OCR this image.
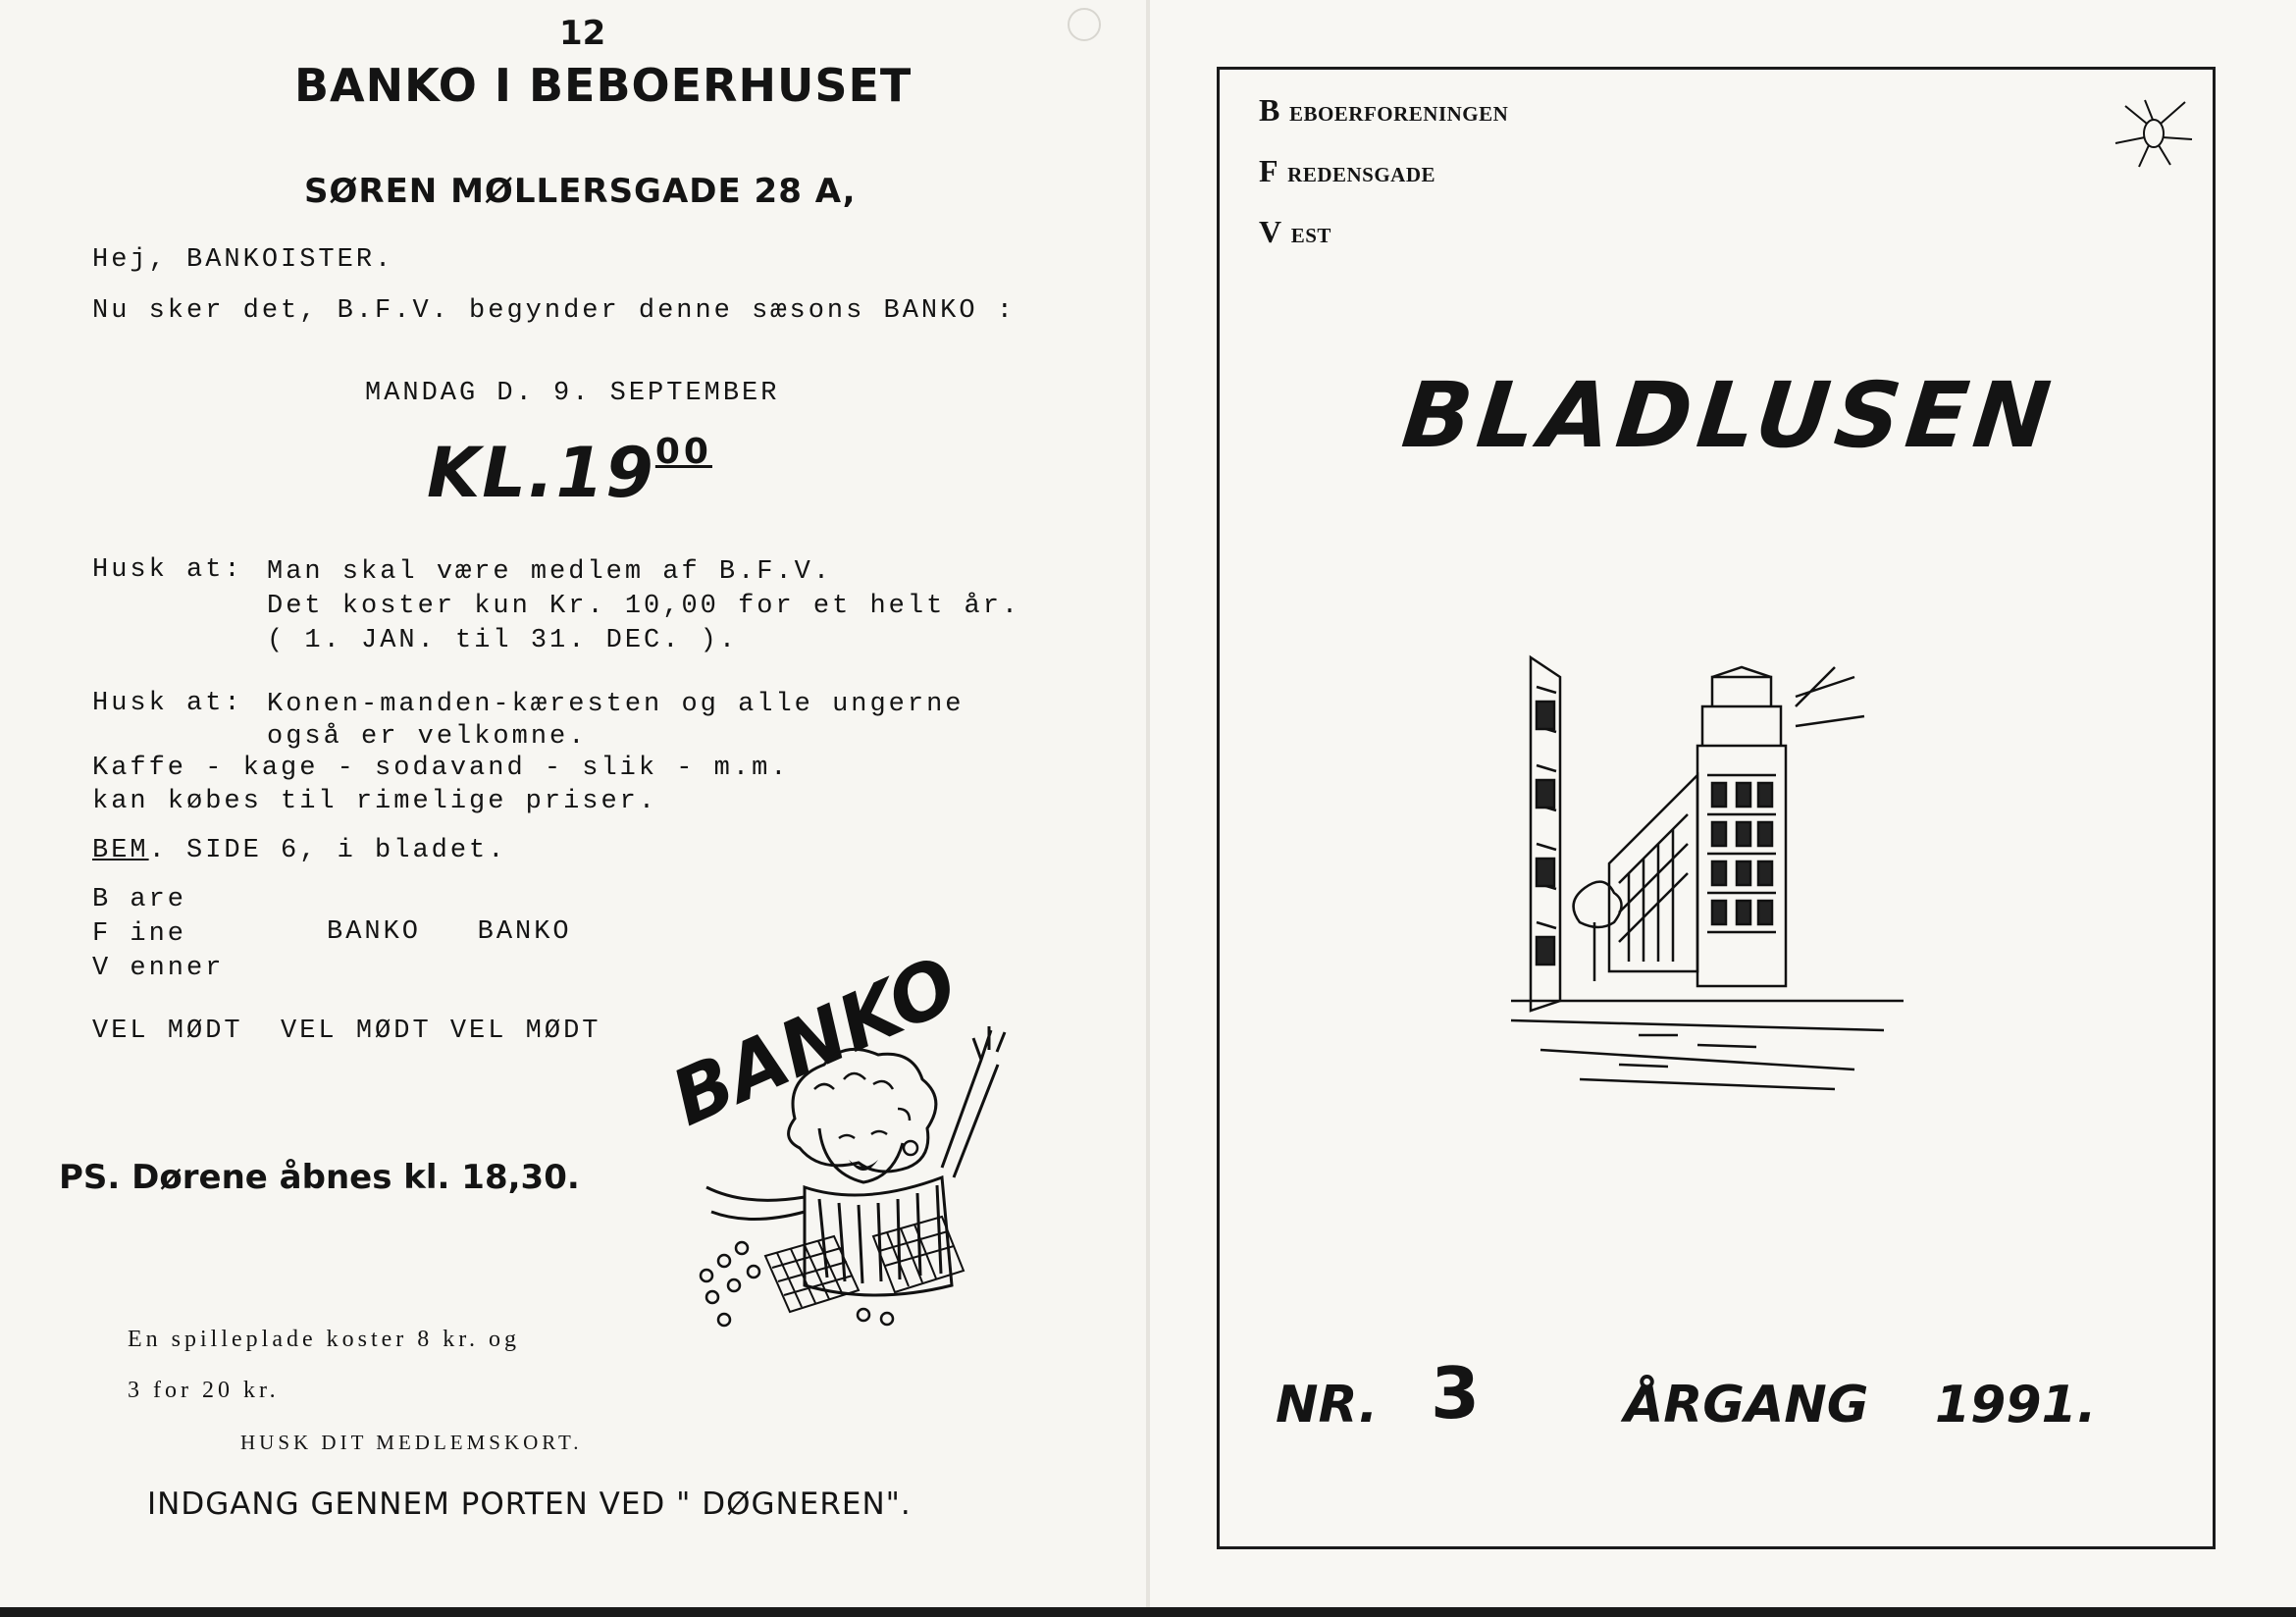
12
BANKO I BEBOERHUSET
SØREN MØLLERSGADE 28 A,
Hej, BANKOISTER.
Nu sker det, B.F.V. begynder denne sæsons BANKO :
MANDAG D. 9. SEPTEMBER
$KL.19^{00}$
Husk at: Man skal være medlem af B.F.V.
Det koster kun Kr. 10,00 for et helt år.
( 1. JAN. til 31. DEC. ).
Husk at: Konen-manden-kæresten og alle ungerne
også er velkomne.
Kaffe - kage - sodavand - slik - m.m.
kan købes til rimelige priser.
BEM. SIDE 6, i bladet.
B are
F ine
V enner
BANKO   BANKO
VEL MØDT  VEL MØDT VEL MØDT
PS. Dørene åbnes kl. 18,30.
BANKO
En spilleplade koster 8 kr. og
3 for 20 kr.
HUSK DIT MEDLEMSKORT.
INDGANG GENNEM PORTEN VED " DØGNEREN".
B EBOERFORENINGEN
F REDENSGADE
V EST
BLADLUSEN
NR. 3	ÅRGANG 1991.
